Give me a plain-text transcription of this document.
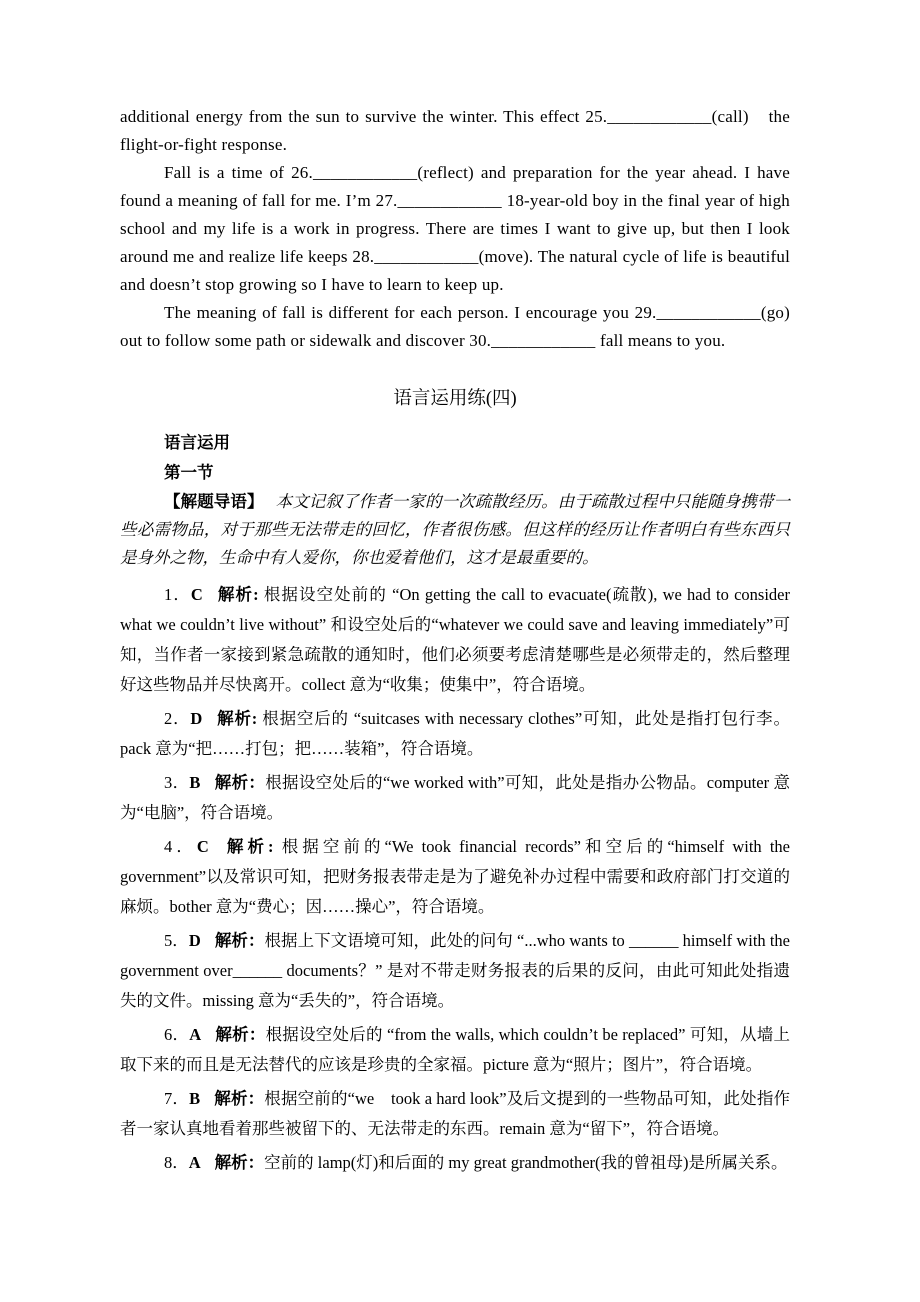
additional energy from the sun to survive the winter. This effect 25.____________(call)　the flight-or-fight response.

Fall is a time of 26.____________(reflect) and preparation for the year ahead. I have found a meaning of fall for me. I’m 27.____________ 18-year-old boy in the final year of high school and my life is a work in progress. There are times I want to give up, but then I look around me and realize life keeps 28.____________(move). The natural cycle of life is beautiful and doesn’t stop growing so I have to learn to keep up.

The meaning of fall is different for each person. I encourage you 29.____________(go) out to follow some path or sidewalk and discover 30.____________ fall means to you.

语言运用练(四)

语言运用

第一节

【解题导语】 本文记叙了作者一家的一次疏散经历。由于疏散过程中只能随身携带一些必需物品，对于那些无法带走的回忆，作者很伤感。但这样的经历让作者明白有些东西只是身外之物，生命中有人爱你，你也爱着他们，这才是最重要的。

1．C 解析: 根据设空处前的 “On getting the call to evacuate(疏散), we had to consider what we couldn’t live without” 和设空处后的“whatever we could save and leaving immediately”可知，当作者一家接到紧急疏散的通知时，他们必须要考虑清楚哪些是必须带走的，然后整理好这些物品并尽快离开。collect 意为“收集；使集中”，符合语境。

2．D 解析: 根据空后的 “suitcases with necessary clothes”可知，此处是指打包行李。pack 意为“把……打包；把……装箱”，符合语境。

3．B 解析：根据设空处后的“we worked with”可知，此处是指办公物品。computer 意为“电脑”，符合语境。

4．C 解析: 根据空前的“We took financial records”和空后的“himself with the government”以及常识可知，把财务报表带走是为了避免补办过程中需要和政府部门打交道的麻烦。bother 意为“费心；因……操心”，符合语境。

5．D 解析：根据上下文语境可知，此处的问句 “...who wants to ______ himself with the government over______ documents？” 是对不带走财务报表的后果的反问，由此可知此处指遗失的文件。missing 意为“丢失的”，符合语境。

6．A 解析：根据设空处后的 “from the walls, which couldn’t be replaced” 可知，从墙上取下来的而且是无法替代的应该是珍贵的全家福。picture 意为“照片；图片”，符合语境。

7．B 解析：根据空前的“we　took a hard look”及后文提到的一些物品可知，此处指作者一家认真地看着那些被留下的、无法带走的东西。remain 意为“留下”，符合语境。

8．A 解析：空前的 lamp(灯)和后面的 my great grandmother(我的曾祖母)是所属关系。
